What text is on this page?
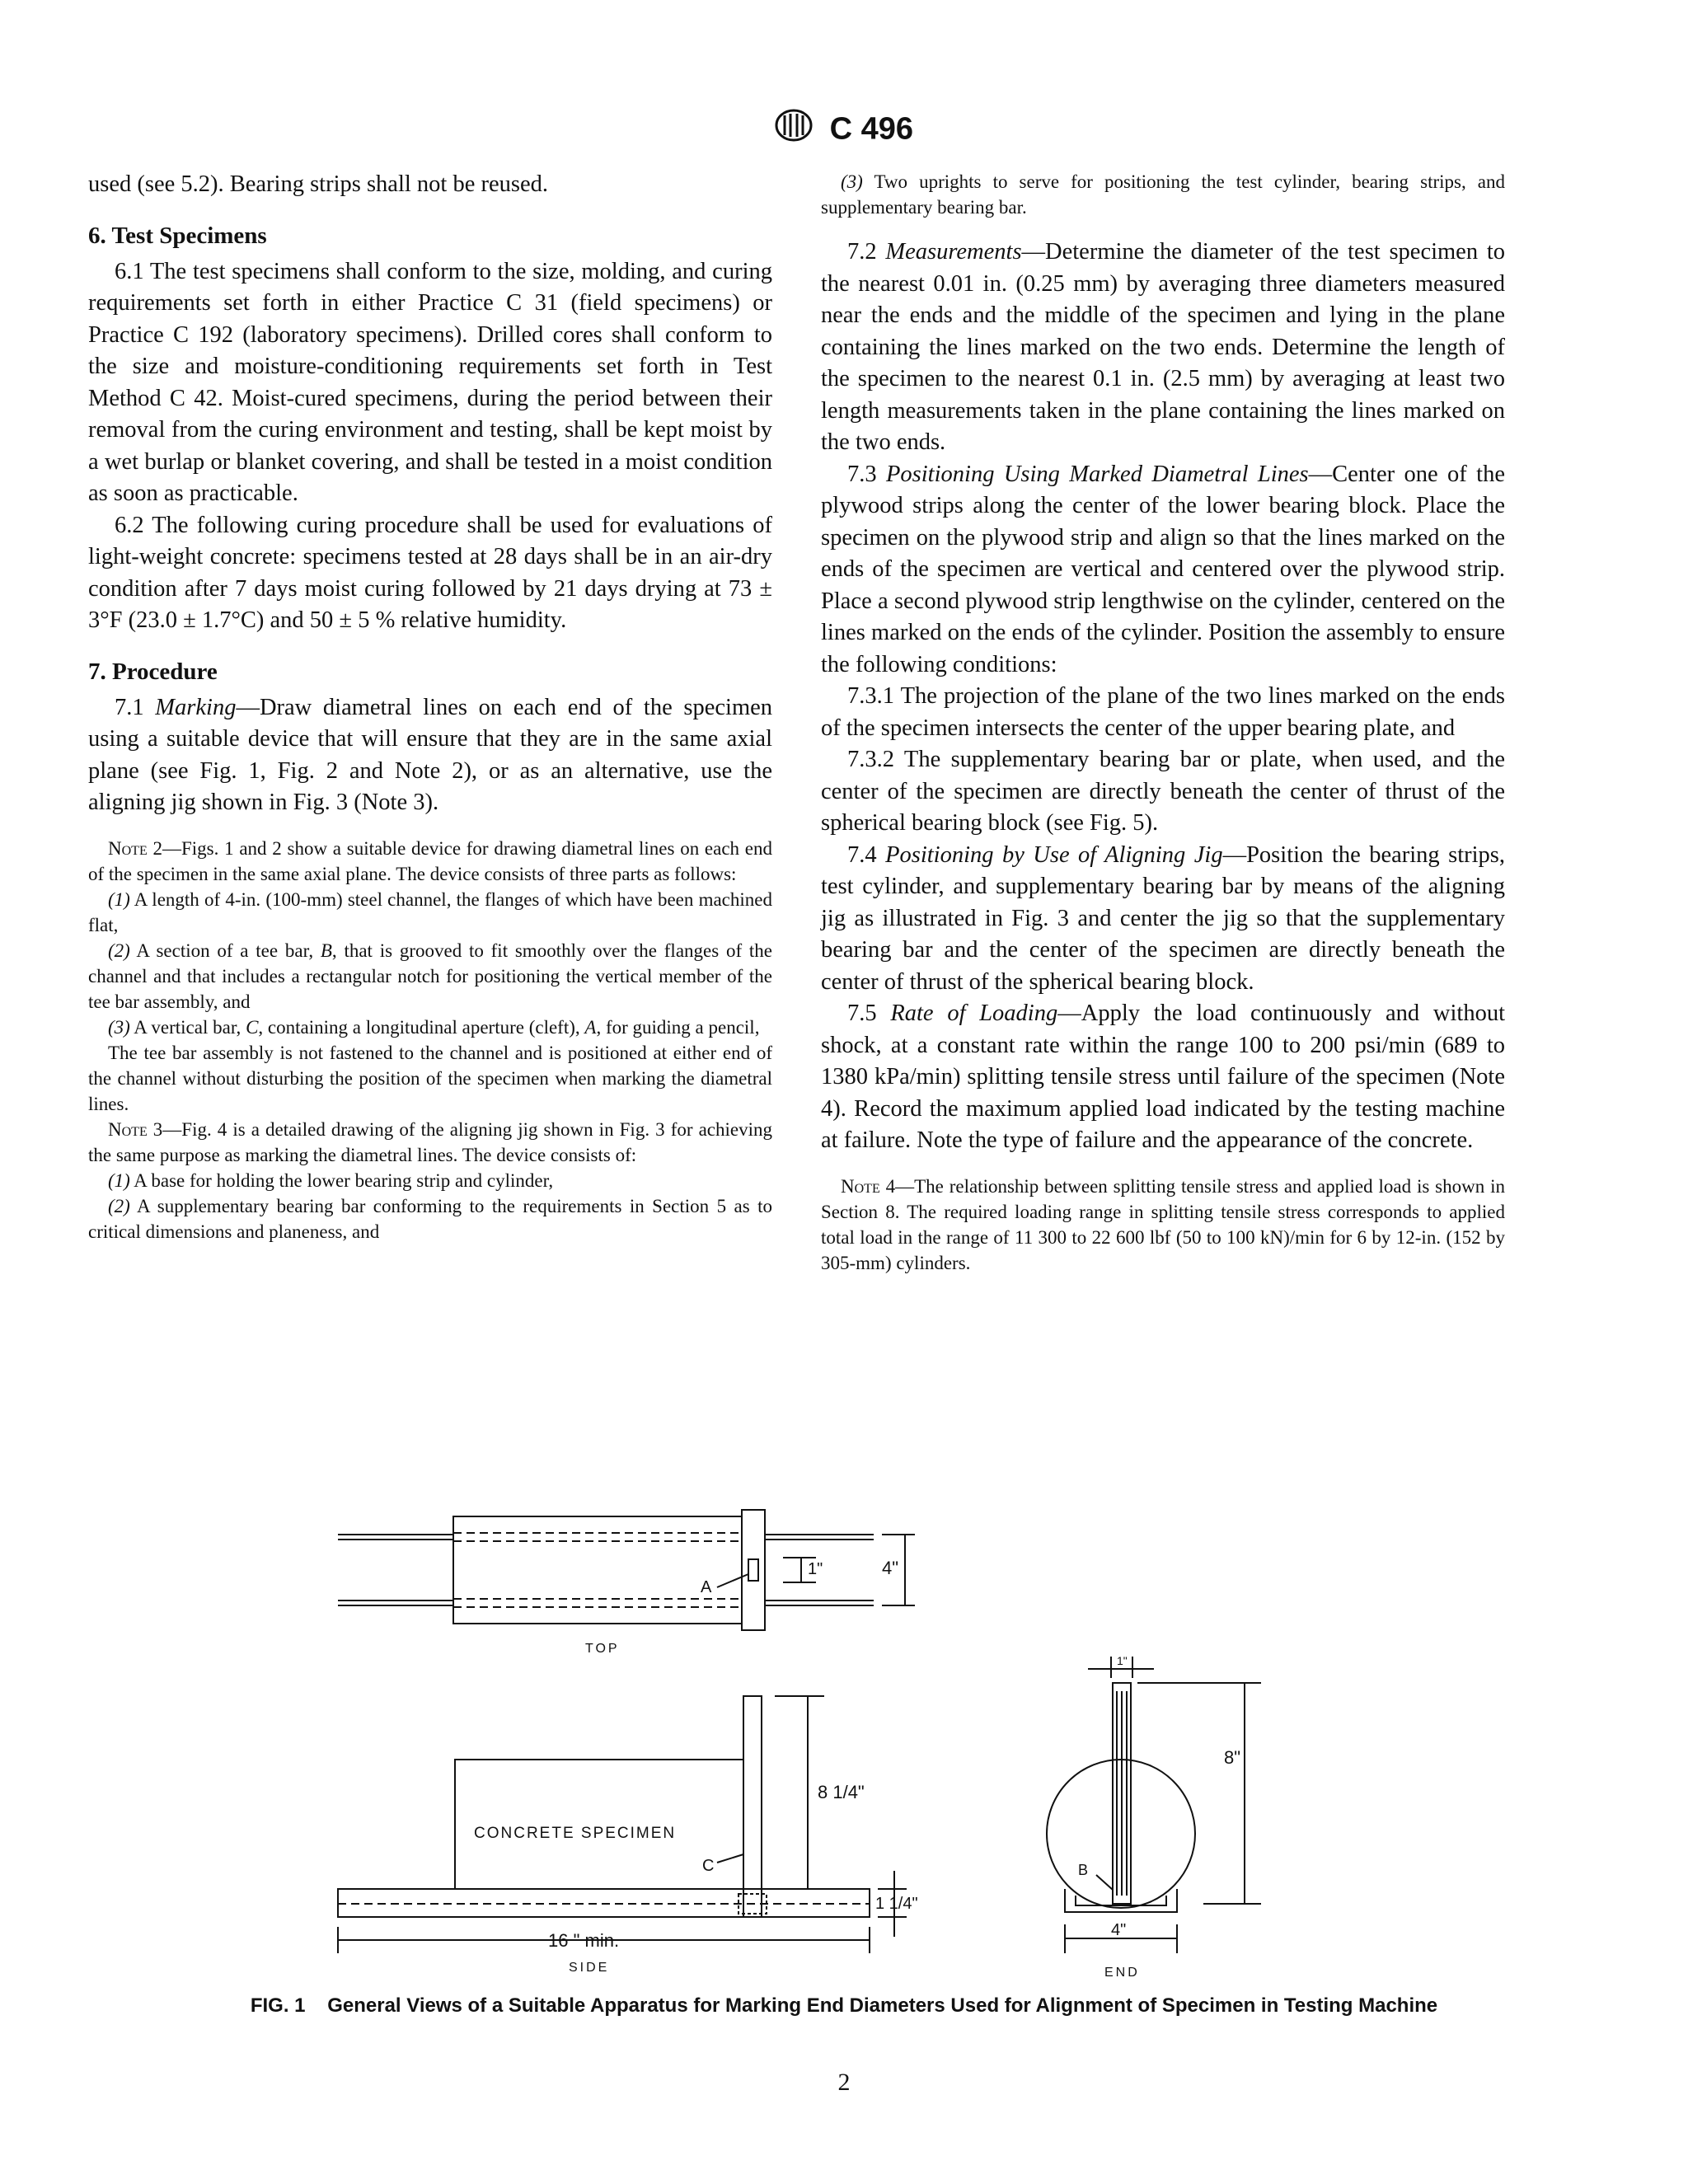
C 496

used (see 5.2). Bearing strips shall not be reused.

6. Test Specimens

6.1 The test specimens shall conform to the size, molding, and curing requirements set forth in either Practice C 31 (field specimens) or Practice C 192 (laboratory specimens). Drilled cores shall conform to the size and moisture-conditioning requirements set forth in Test Method C 42. Moist-cured specimens, during the period between their removal from the curing environment and testing, shall be kept moist by a wet burlap or blanket covering, and shall be tested in a moist condition as soon as practicable.

6.2 The following curing procedure shall be used for evaluations of light-weight concrete: specimens tested at 28 days shall be in an air-dry condition after 7 days moist curing followed by 21 days drying at 73 ± 3°F (23.0 ± 1.7°C) and 50 ± 5 % relative humidity.

7. Procedure

7.1 Marking—Draw diametral lines on each end of the specimen using a suitable device that will ensure that they are in the same axial plane (see Fig. 1, Fig. 2 and Note 2), or as an alternative, use the aligning jig shown in Fig. 3 (Note 3).

Note 2—Figs. 1 and 2 show a suitable device for drawing diametral lines on each end of the specimen in the same axial plane. The device consists of three parts as follows:

(1) A length of 4-in. (100-mm) steel channel, the flanges of which have been machined flat,

(2) A section of a tee bar, B, that is grooved to fit smoothly over the flanges of the channel and that includes a rectangular notch for positioning the vertical member of the tee bar assembly, and

(3) A vertical bar, C, containing a longitudinal aperture (cleft), A, for guiding a pencil,

The tee bar assembly is not fastened to the channel and is positioned at either end of the channel without disturbing the position of the specimen when marking the diametral lines.

Note 3—Fig. 4 is a detailed drawing of the aligning jig shown in Fig. 3 for achieving the same purpose as marking the diametral lines. The device consists of:

(1) A base for holding the lower bearing strip and cylinder,

(2) A supplementary bearing bar conforming to the requirements in Section 5 as to critical dimensions and planeness, and

(3) Two uprights to serve for positioning the test cylinder, bearing strips, and supplementary bearing bar.

7.2 Measurements—Determine the diameter of the test specimen to the nearest 0.01 in. (0.25 mm) by averaging three diameters measured near the ends and the middle of the specimen and lying in the plane containing the lines marked on the two ends. Determine the length of the specimen to the nearest 0.1 in. (2.5 mm) by averaging at least two length measurements taken in the plane containing the lines marked on the two ends.

7.3 Positioning Using Marked Diametral Lines—Center one of the plywood strips along the center of the lower bearing block. Place the specimen on the plywood strip and align so that the lines marked on the ends of the specimen are vertical and centered over the plywood strip. Place a second plywood strip lengthwise on the cylinder, centered on the lines marked on the ends of the cylinder. Position the assembly to ensure the following conditions:

7.3.1 The projection of the plane of the two lines marked on the ends of the specimen intersects the center of the upper bearing plate, and

7.3.2 The supplementary bearing bar or plate, when used, and the center of the specimen are directly beneath the center of thrust of the spherical bearing block (see Fig. 5).

7.4 Positioning by Use of Aligning Jig—Position the bearing strips, test cylinder, and supplementary bearing bar by means of the aligning jig as illustrated in Fig. 3 and center the jig so that the supplementary bearing bar and the center of the specimen are directly beneath the center of thrust of the spherical bearing block.

7.5 Rate of Loading—Apply the load continuously and without shock, at a constant rate within the range 100 to 200 psi/min (689 to 1380 kPa/min) splitting tensile stress until failure of the specimen (Note 4). Record the maximum applied load indicated by the testing machine at failure. Note the type of failure and the appearance of the concrete.

Note 4—The relationship between splitting tensile stress and applied load is shown in Section 8. The required loading range in splitting tensile stress corresponds to applied total load in the range of 11 300 to 22 600 lbf (50 to 100 kN)/min for 6 by 12-in. (152 by 305-mm) cylinders.

A
1"	4"
TOP
8 1/4"
CONCRETE SPECIMEN
C
1 1/4"
16 " min.
SIDE
1"
8"
B
4"
END
FIG. 1 General Views of a Suitable Apparatus for Marking End Diameters Used for Alignment of Specimen in Testing Machine
2
